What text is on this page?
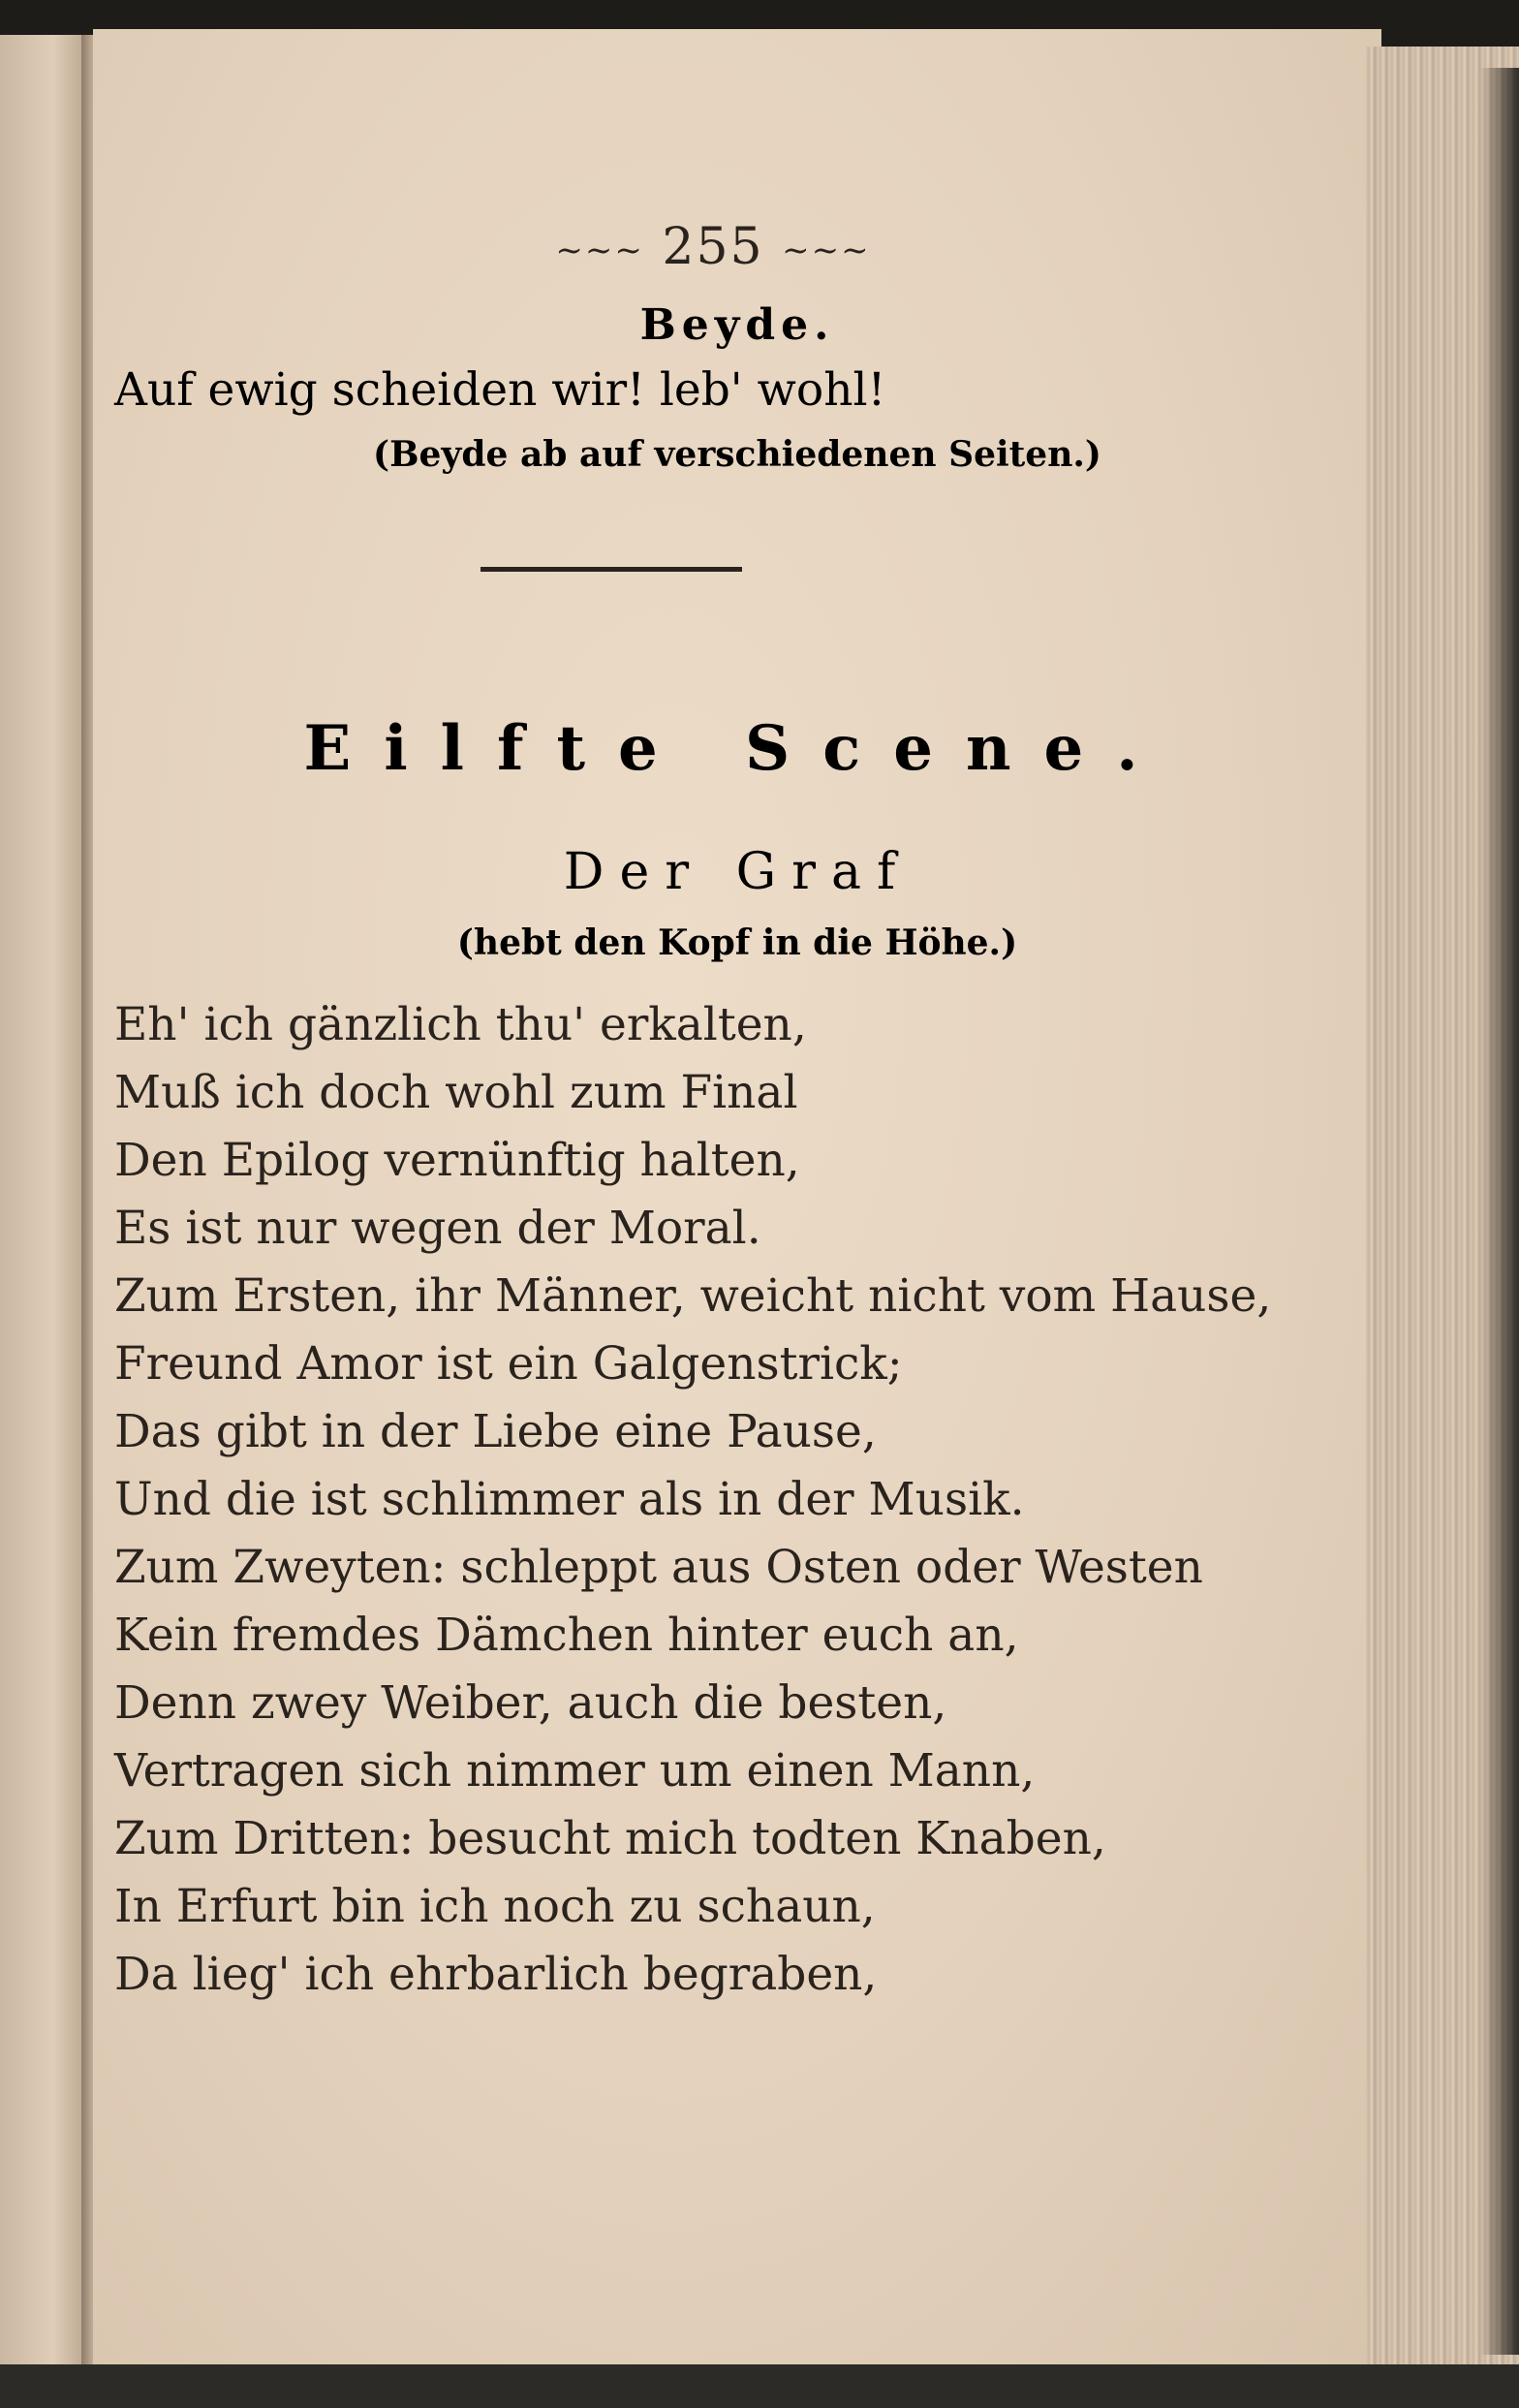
~~~ 255 ~~~
Beyde.
Auf ewig scheiden wir! leb' wohl!
(Beyde ab auf verschiedenen Seiten.)
Eilfte Scene.
Der Graf
(hebt den Kopf in die Höhe.)
Eh' ich gänzlich thu' erkalten,
Muß ich doch wohl zum Final
Den Epilog vernünftig halten,
Es ist nur wegen der Moral.
Zum Ersten, ihr Männer, weicht nicht vom Hause,
Freund Amor ist ein Galgenstrick;
Das gibt in der Liebe eine Pause,
Und die ist schlimmer als in der Musik.
Zum Zweyten: schleppt aus Osten oder Westen
Kein fremdes Dämchen hinter euch an,
Denn zwey Weiber, auch die besten,
Vertragen sich nimmer um einen Mann,
Zum Dritten: besucht mich todten Knaben,
In Erfurt bin ich noch zu schaun,
Da lieg' ich ehrbarlich begraben,
